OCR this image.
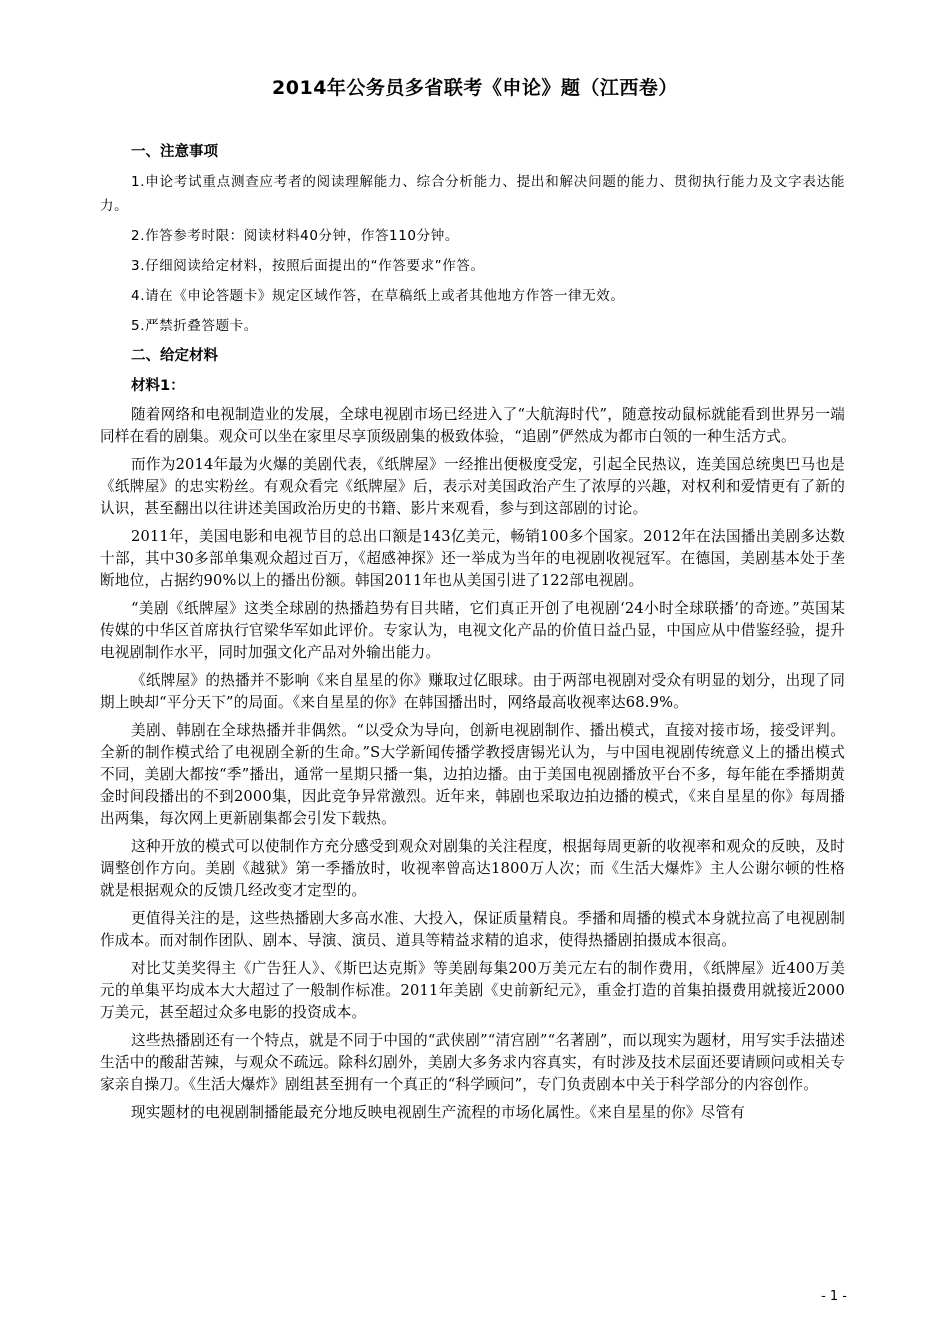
2014年公务员多省联考《申论》题（江西卷）
一、注意事项
1.申论考试重点测查应考者的阅读理解能力、综合分析能力、提出和解决问题的能力、贯彻执行能力及文字表达能力。
2.作答参考时限：阅读材料40分钟，作答110分钟。
3.仔细阅读给定材料，按照后面提出的“作答要求”作答。
4.请在《申论答题卡》规定区域作答，在草稿纸上或者其他地方作答一律无效。
5.严禁折叠答题卡。
二、给定材料
材料1：

随着网络和电视制造业的发展，全球电视剧市场已经进入了“大航海时代”，随意按动鼠标就能看到世界另一端同样在看的剧集。观众可以坐在家里尽享顶级剧集的极致体验，“追剧”俨然成为都市白领的一种生活方式。

而作为2014年最为火爆的美剧代表，《纸牌屋》一经推出便极度受宠，引起全民热议，连美国总统奥巴马也是《纸牌屋》的忠实粉丝。有观众看完《纸牌屋》后，表示对美国政治产生了浓厚的兴趣，对权利和爱情更有了新的认识，甚至翻出以往讲述美国政治历史的书籍、影片来观看，参与到这部剧的讨论。

2011年，美国电影和电视节目的总出口额是143亿美元，畅销100多个国家。2012年在法国播出美剧多达数十部，其中30多部单集观众超过百万，《超感神探》还一举成为当年的电视剧收视冠军。在德国，美剧基本处于垄断地位，占据约90%以上的播出份额。韩国2011年也从美国引进了122部电视剧。

“美剧《纸牌屋》这类全球剧的热播趋势有目共睹，它们真正开创了电视剧‘24小时全球联播’的奇迹。”英国某传媒的中华区首席执行官梁华军如此评价。专家认为，电视文化产品的价值日益凸显，中国应从中借鉴经验，提升电视剧制作水平，同时加强文化产品对外输出能力。

《纸牌屋》的热播并不影响《来自星星的你》赚取过亿眼球。由于两部电视剧对受众有明显的划分，出现了同期上映却“平分天下”的局面。《来自星星的你》在韩国播出时，网络最高收视率达68.9%。

美剧、韩剧在全球热播并非偶然。“以受众为导向，创新电视剧制作、播出模式，直接对接市场，接受评判。全新的制作模式给了电视剧全新的生命。”S大学新闻传播学教授唐锡光认为，与中国电视剧传统意义上的播出模式不同，美剧大都按“季”播出，通常一星期只播一集，边拍边播。由于美国电视剧播放平台不多，每年能在季播期黄金时间段播出的不到2000集，因此竞争异常激烈。近年来，韩剧也采取边拍边播的模式，《来自星星的你》每周播出两集，每次网上更新剧集都会引发下载热。

这种开放的模式可以使制作方充分感受到观众对剧集的关注程度，根据每周更新的收视率和观众的反映，及时调整创作方向。美剧《越狱》第一季播放时，收视率曾高达1800万人次；而《生活大爆炸》主人公谢尔顿的性格就是根据观众的反馈几经改变才定型的。

更值得关注的是，这些热播剧大多高水准、大投入，保证质量精良。季播和周播的模式本身就拉高了电视剧制作成本。而对制作团队、剧本、导演、演员、道具等精益求精的追求，使得热播剧拍摄成本很高。

对比艾美奖得主《广告狂人》、《斯巴达克斯》等美剧每集200万美元左右的制作费用，《纸牌屋》近400万美元的单集平均成本大大超过了一般制作标准。2011年美剧《史前新纪元》，重金打造的首集拍摄费用就接近2000万美元，甚至超过众多电影的投资成本。

这些热播剧还有一个特点，就是不同于中国的“武侠剧”“清宫剧”“名著剧”，而以现实为题材，用写实手法描述生活中的酸甜苦辣，与观众不疏远。除科幻剧外，美剧大多务求内容真实，有时涉及技术层面还要请顾问或相关专家亲自操刀。《生活大爆炸》剧组甚至拥有一个真正的“科学顾问”，专门负责剧本中关于科学部分的内容创作。

现实题材的电视剧制播能最充分地反映电视剧生产流程的市场化属性。《来自星星的你》尽管有

- 1 -
